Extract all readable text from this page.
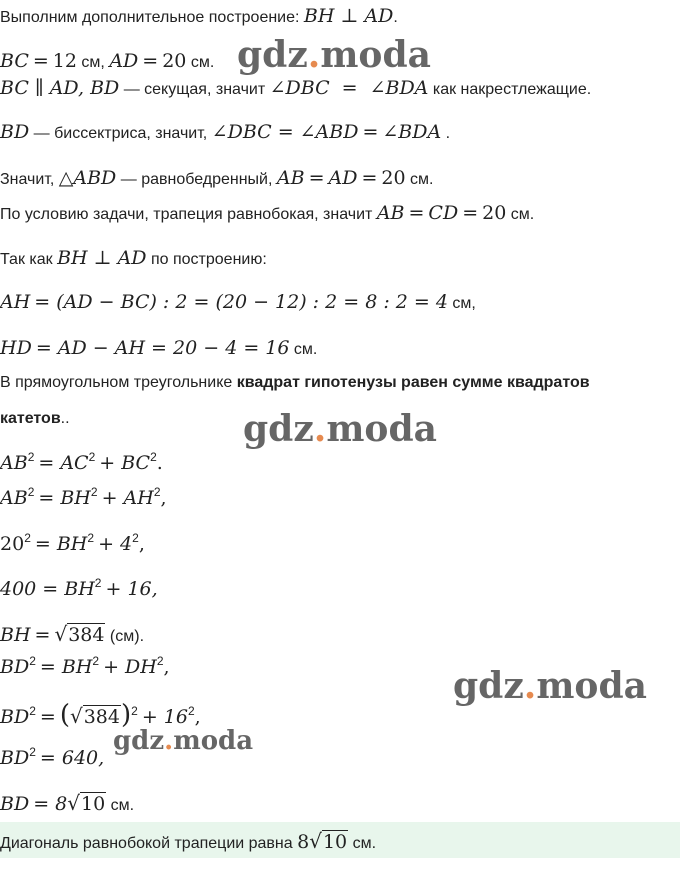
Выполним дополнительное построение: BH ⊥ AD.
BC = 12 см, AD = 20 см.
BC ∥ AD, BD — секущая, значит ∠DBC = ∠BDA как накрестлежащие.
BD — биссектриса, значит, ∠DBC = ∠ABD = ∠BDA .
Значит, △ABD — равнобедренный, AB = AD = 20 см.
По условию задачи, трапеция равнобокая, значит AB = CD = 20 см.
Так как BH ⊥ AD по построению:
AH = (AD − BC) : 2 = (20 − 12) : 2 = 8 : 2 = 4 см,
HD = AD − AH = 20 − 4 = 16 см.
В прямоугольном треугольнике квадрат гипотенузы равен сумме квадратов
катетов..
$AB^2 = AC^2 + BC^2$.
$AB^2 = BH^2 + AH^2$,
$20^2 = BH^2 + 4^2$,
$400 = BH^2 + 16$,
BH = √384 (см).
$BD^2 = BH^2 + DH^2$,
$BD^2 = (√384)^2 + 16^2$,
$BD^2 = 640$,
BD = 8√10 см.
Диагональ равнобокой трапеции равна 8√10 см.
gdz.moda
gdz.moda
gdz.moda
gdz.moda
